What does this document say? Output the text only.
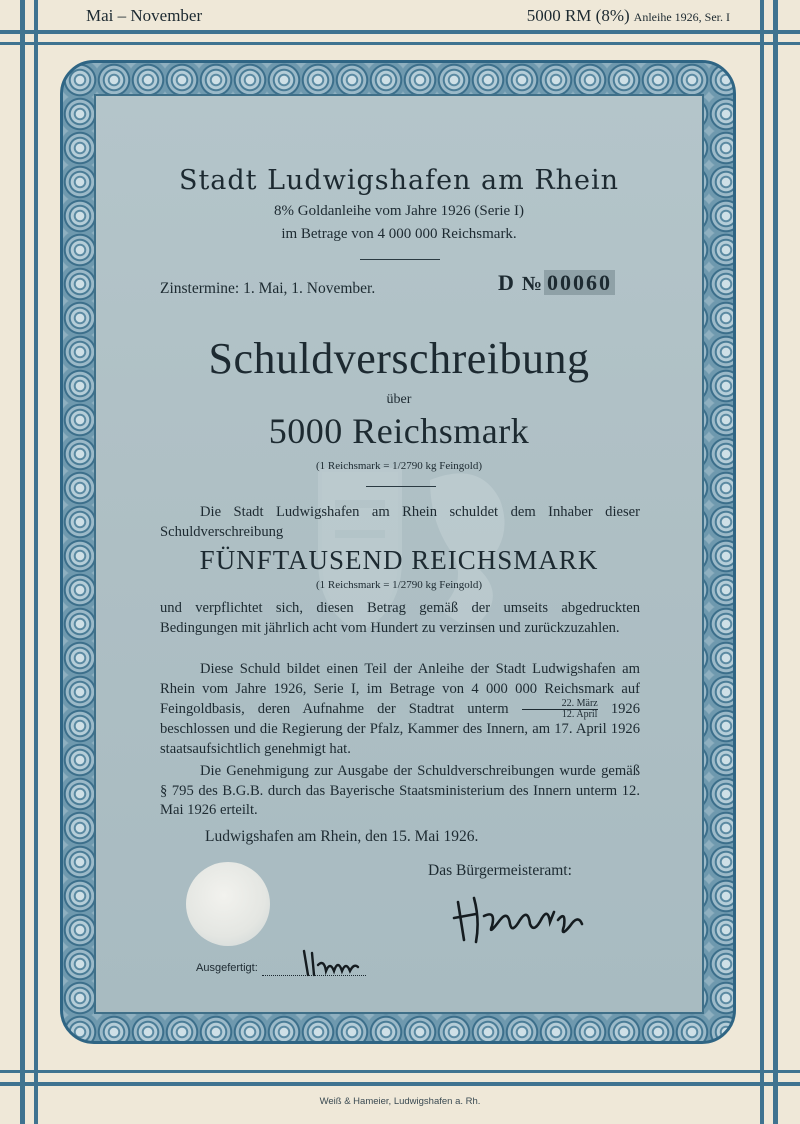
Mai – November	5000 RM (8%) Anleihe 1926, Ser. I
Stadt Ludwigshafen am Rhein
8% Goldanleihe vom Jahre 1926 (Serie I)
im Betrage von 4 000 000 Reichsmark.
Zinstermine: 1. Mai, 1. November.	D № 00060
Schuldverschreibung
über
5000 Reichsmark
(1 Reichsmark = 1/2790 kg Feingold)
Die Stadt Ludwigshafen am Rhein schuldet dem Inhaber dieser Schuldverschreibung
FÜNFTAUSEND REICHSMARK
(1 Reichsmark = 1/2790 kg Feingold)
und verpflichtet sich, diesen Betrag gemäß der umseits abgedruckten Bedingungen mit jährlich acht vom Hundert zu verzinsen und zurückzuzahlen.
Diese Schuld bildet einen Teil der Anleihe der Stadt Ludwigshafen am Rhein vom Jahre 1926, Serie I, im Betrage von 4 000 000 Reichsmark auf Feingoldbasis, deren Aufnahme der Stadtrat unterm $\frac{\text{22. März}}{\text{12. April}} 1926$ beschlossen und die Regierung der Pfalz, Kammer des Innern, am 17. April 1926 staatsaufsichtlich genehmigt hat.
Die Genehmigung zur Ausgabe der Schuldverschreibungen wurde gemäß § 795 des B.G.B. durch das Bayerische Staatsministerium des Innern unterm 12. Mai 1926 erteilt.
Ludwigshafen am Rhein, den 15. Mai 1926.
Das Bürgermeisteramt:
Ausgefertigt:
Weiß & Hameier, Ludwigshafen a. Rh.
